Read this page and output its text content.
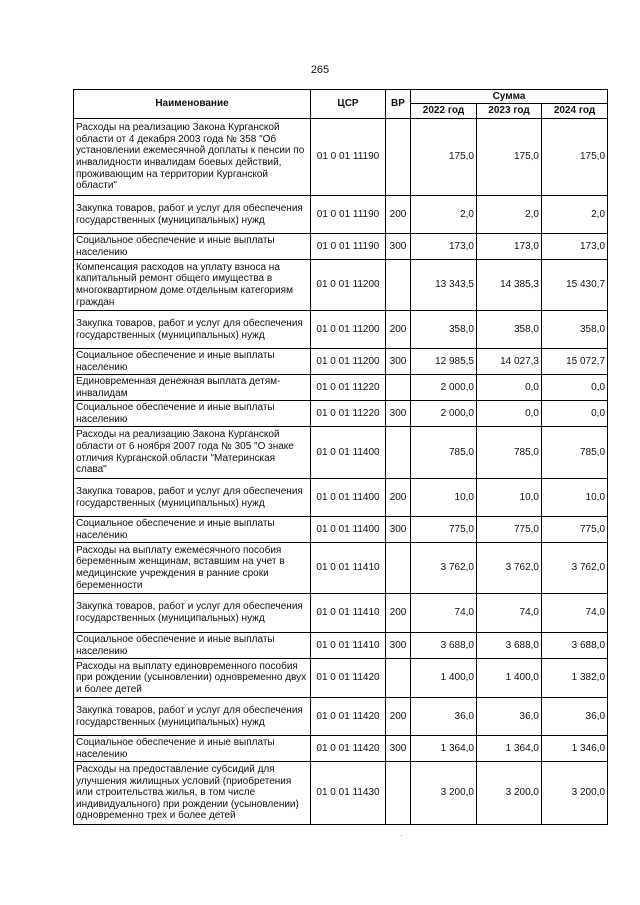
265
Наименование	ЦСР	ВР	Сумма		
			2022 год	2023 год	2024 год
Расходы на реализацию Закона Курганской области от 4 декабря 2003 года № 358 "Об установлении ежемесячной доплаты к пенсии по инвалидности инвалидам боевых действий, проживающим на территории Курганской области"	01 0 01 11190		175,0	175,0	175,0
Закупка товаров, работ и услуг для обеспечения государственных (муниципальных) нужд	01 0 01 11190	200	2,0	2,0	2,0
Социальное обеспечение и иные выплаты населению	01 0 01 11190	300	173,0	173,0	173,0
Компенсация расходов на уплату взноса на капитальный ремонт общего имущества в многоквартирном доме отдельным категориям граждан	01 0 01 11200		13 343,5	14 385,3	15 430,7
Закупка товаров, работ и услуг для обеспечения государственных (муниципальных) нужд	01 0 01 11200	200	358,0	358,0	358,0
Социальное обеспечение и иные выплаты населению	01 0 01 11200	300	12 985,5	14 027,3	15 072,7
Единовременная денежная выплата детям-инвалидам	01 0 01 11220		2 000,0	0,0	0,0
Социальное обеспечение и иные выплаты населению	01 0 01 11220	300	2 000,0	0,0	0,0
Расходы на реализацию Закона Курганской области от 6 ноября 2007 года № 305 "О знаке отличия Курганской области "Материнская слава"	01 0 01 11400		785,0	785,0	785,0
Закупка товаров, работ и услуг для обеспечения государственных (муниципальных) нужд	01 0 01 11400	200	10,0	10,0	10,0
Социальное обеспечение и иные выплаты населению	01 0 01 11400	300	775,0	775,0	775,0
Расходы на выплату ежемесячного пособия беременным женщинам, вставшим на учет в медицинские учреждения в ранние сроки беременности	01 0 01 11410		3 762,0	3 762,0	3 762,0
Закупка товаров, работ и услуг для обеспечения государственных (муниципальных) нужд	01 0 01 11410	200	74,0	74,0	74,0
Социальное обеспечение и иные выплаты населению	01 0 01 11410	300	3 688,0	3 688,0	3 688,0
Расходы на выплату единовременного пособия при рождении (усыновлении) одновременно двух и более детей	01 0 01 11420		1 400,0	1 400,0	1 382,0
Закупка товаров, работ и услуг для обеспечения государственных (муниципальных) нужд	01 0 01 11420	200	36,0	36,0	36,0
Социальное обеспечение и иные выплаты населению	01 0 01 11420	300	1 364,0	1 364,0	1 346,0
Расходы на предоставление субсидий для улучшения жилищных условий (приобретения или строительства жилья, в том числе индивидуального) при рождении (усыновлении) одновременно трех и более детей	01 0 01 11430		3 200,0	3 200,0	3 200,0
